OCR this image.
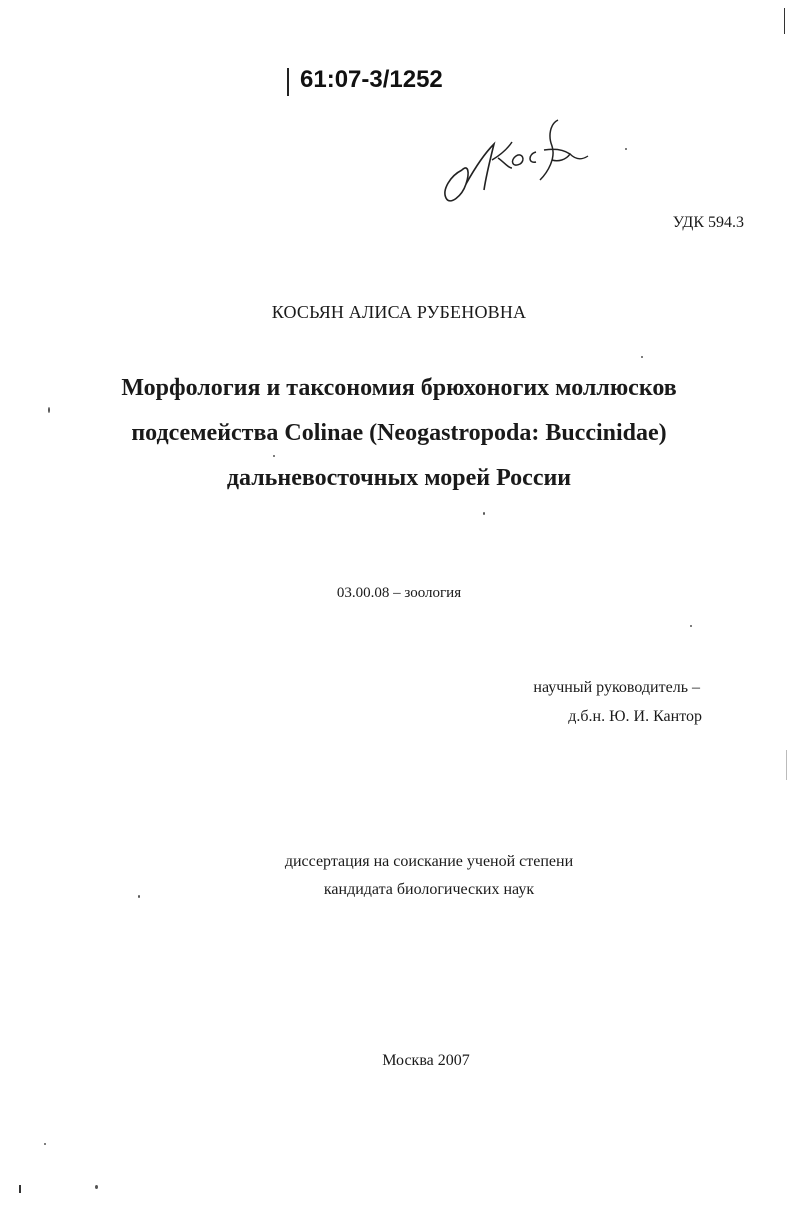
61:07-3/1252
УДК 594.3
КОСЬЯН АЛИСА РУБЕНОВНА
Морфология и таксономия брюхоногих моллюсков
подсемейства Colinae (Neogastropoda: Buccinidae)
дальневосточных морей России
03.00.08 – зоология
научный руководитель –
д.б.н. Ю. И. Кантор
диссертация на соискание ученой степени
кандидата биологических наук
Москва 2007
